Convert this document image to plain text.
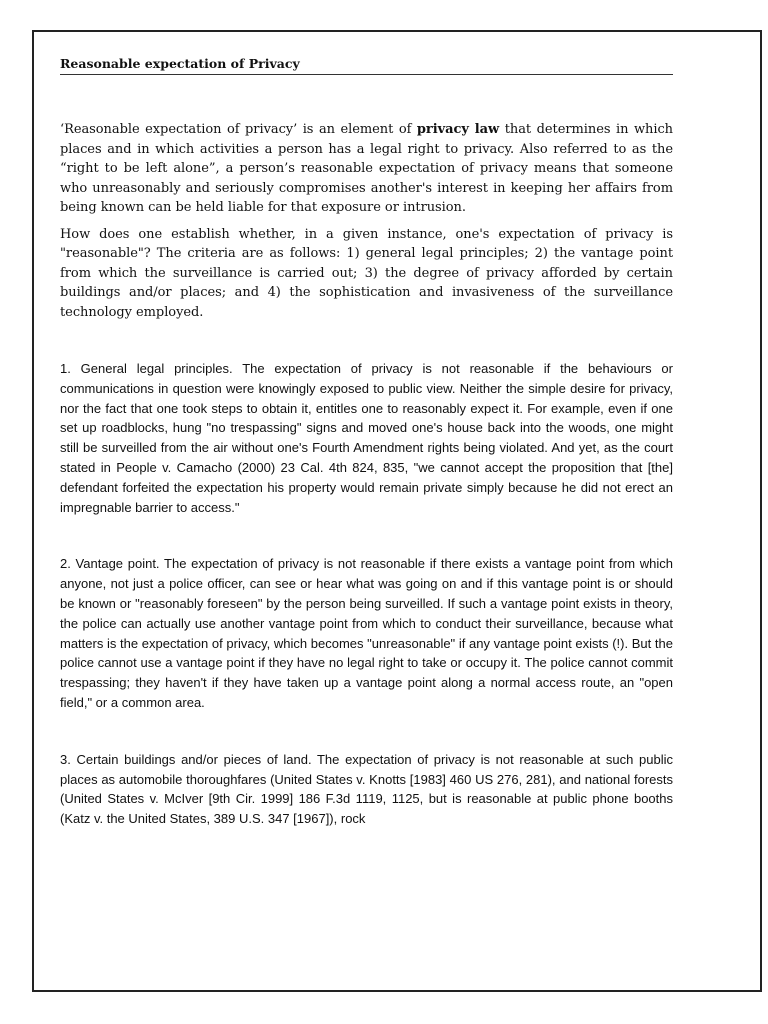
Reasonable expectation of Privacy

‘Reasonable expectation of privacy’ is an element of privacy law that determines in which places and in which activities a person has a legal right to privacy. Also referred to as the “right to be left alone”, a person’s reasonable expectation of privacy means that someone who unreasonably and seriously compromises another's interest in keeping her affairs from being known can be held liable for that exposure or intrusion.

How does one establish whether, in a given instance, one's expectation of privacy is "reasonable"? The criteria are as follows: 1) general legal principles; 2) the vantage point from which the surveillance is carried out; 3) the degree of privacy afforded by certain buildings and/or places; and 4) the sophistication and invasiveness of the surveillance technology employed.

1. General legal principles. The expectation of privacy is not reasonable if the behaviours or communications in question were knowingly exposed to public view. Neither the simple desire for privacy, nor the fact that one took steps to obtain it, entitles one to reasonably expect it. For example, even if one set up roadblocks, hung "no trespassing" signs and moved one's house back into the woods, one might still be surveilled from the air without one's Fourth Amendment rights being violated. And yet, as the court stated in People v. Camacho (2000) 23 Cal. 4th 824, 835, "we cannot accept the proposition that [the] defendant forfeited the expectation his property would remain private simply because he did not erect an impregnable barrier to access."

2. Vantage point. The expectation of privacy is not reasonable if there exists a vantage point from which anyone, not just a police officer, can see or hear what was going on and if this vantage point is or should be known or "reasonably foreseen" by the person being surveilled. If such a vantage point exists in theory, the police can actually use another vantage point from which to conduct their surveillance, because what matters is the expectation of privacy, which becomes "unreasonable" if any vantage point exists (!). But the police cannot use a vantage point if they have no legal right to take or occupy it. The police cannot commit trespassing; they haven't if they have taken up a vantage point along a normal access route, an "open field," or a common area.

3. Certain buildings and/or pieces of land. The expectation of privacy is not reasonable at such public places as automobile thoroughfares (United States v. Knotts [1983] 460 US 276, 281), and national forests (United States v. McIver [9th Cir. 1999] 186 F.3d 1119, 1125, but is reasonable at public phone booths (Katz v. the United States, 389 U.S. 347 [1967]), rock
